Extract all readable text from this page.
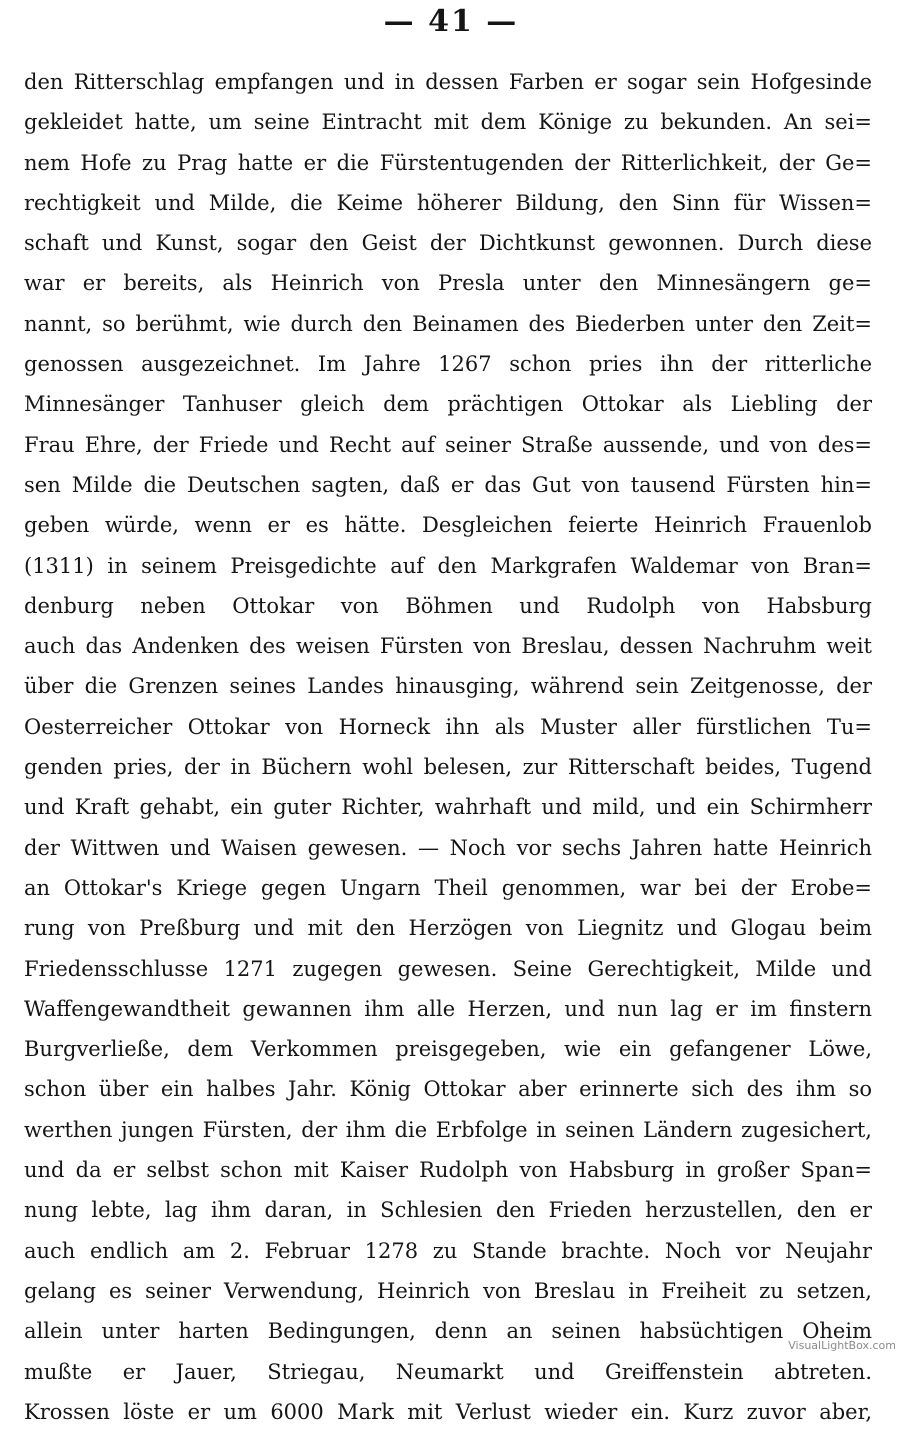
— 41 —
den Ritterschlag empfangen und in dessen Farben er sogar sein Hofgesinde
gekleidet hatte, um seine Eintracht mit dem Könige zu bekunden. An sei=
nem Hofe zu Prag hatte er die Fürstentugenden der Ritterlichkeit, der Ge=
rechtigkeit und Milde, die Keime höherer Bildung, den Sinn für Wissen=
schaft und Kunst, sogar den Geist der Dichtkunst gewonnen. Durch diese
war er bereits, als Heinrich von Presla unter den Minnesängern ge=
nannt, so berühmt, wie durch den Beinamen des Biederben unter den Zeit=
genossen ausgezeichnet. Im Jahre 1267 schon pries ihn der ritterliche
Minnesänger Tanhuser gleich dem prächtigen Ottokar als Liebling der
Frau Ehre, der Friede und Recht auf seiner Straße aussende, und von des=
sen Milde die Deutschen sagten, daß er das Gut von tausend Fürsten hin=
geben würde, wenn er es hätte. Desgleichen feierte Heinrich Frauenlob
(1311) in seinem Preisgedichte auf den Markgrafen Waldemar von Bran=
denburg neben Ottokar von Böhmen und Rudolph von Habsburg
auch das Andenken des weisen Fürsten von Breslau, dessen Nachruhm weit
über die Grenzen seines Landes hinausging, während sein Zeitgenosse, der
Oesterreicher Ottokar von Horneck ihn als Muster aller fürstlichen Tu=
genden pries, der in Büchern wohl belesen, zur Ritterschaft beides, Tugend
und Kraft gehabt, ein guter Richter, wahrhaft und mild, und ein Schirmherr
der Wittwen und Waisen gewesen. — Noch vor sechs Jahren hatte Heinrich
an Ottokar's Kriege gegen Ungarn Theil genommen, war bei der Erobe=
rung von Preßburg und mit den Herzögen von Liegnitz und Glogau beim
Friedensschlusse 1271 zugegen gewesen. Seine Gerechtigkeit, Milde und
Waffengewandtheit gewannen ihm alle Herzen, und nun lag er im finstern
Burgverließe, dem Verkommen preisgegeben, wie ein gefangener Löwe,
schon über ein halbes Jahr. König Ottokar aber erinnerte sich des ihm so
werthen jungen Fürsten, der ihm die Erbfolge in seinen Ländern zugesichert,
und da er selbst schon mit Kaiser Rudolph von Habsburg in großer Span=
nung lebte, lag ihm daran, in Schlesien den Frieden herzustellen, den er
auch endlich am 2. Februar 1278 zu Stande brachte. Noch vor Neujahr
gelang es seiner Verwendung, Heinrich von Breslau in Freiheit zu setzen,
allein unter harten Bedingungen, denn an seinen habsüchtigen Oheim
mußte er Jauer, Striegau, Neumarkt und Greiffenstein abtreten.
Krossen löste er um 6000 Mark mit Verlust wieder ein. Kurz zuvor aber,
VisualLightBox.com
